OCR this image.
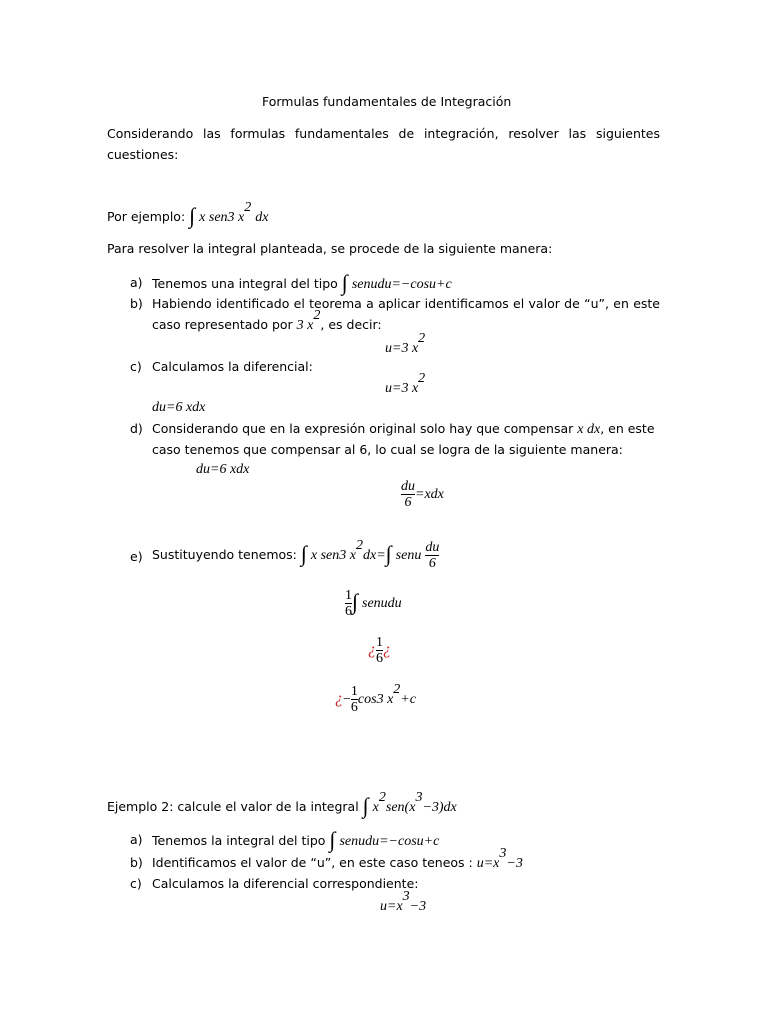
Formulas fundamentales de Integración
Considerando las formulas fundamentales de integración, resolver las siguientes cuestiones:
Por ejemplo: ∫ x sen3 $x^2$ dx
Para resolver la integral planteada, se procede de la siguiente manera:
a) Tenemos una integral del tipo ∫ senudu=−cosu+c
b) Habiendo identificado el teorema a aplicar identificamos el valor de “u”, en este
caso representado por 3 $x^2$, es decir:
u=3 $x^2$
c) Calculamos la diferencial:
u=3 $x^2$
du=6 xdx
d) Considerando que en la expresión original solo hay que compensar x dx, en este
caso tenemos que compensar al 6, lo cual se logra de la siguiente manera:
du=6 xdx
$\frac{du}{6} =xdx$
e) Sustituyendo tenemos: ∫ x sen3 $x^2dx=\int$ senu $\frac{du}{6}$
$\frac{1}{6}$ ∫ senudu
¿ $\frac{1}{6}$ ¿
¿− $\frac{1}{6} \cos 3$ $x^2+c$
Ejemplo 2: calcule el valor de la integral ∫ $x^2sen(x^3-3)dx$
a) Tenemos la integral del tipo ∫ senudu=−cosu+c
b) Identificamos el valor de “u”, en este caso teneos : $u=x^3-3$
c) Calculamos la diferencial correspondiente:
$u=x^3-3$
